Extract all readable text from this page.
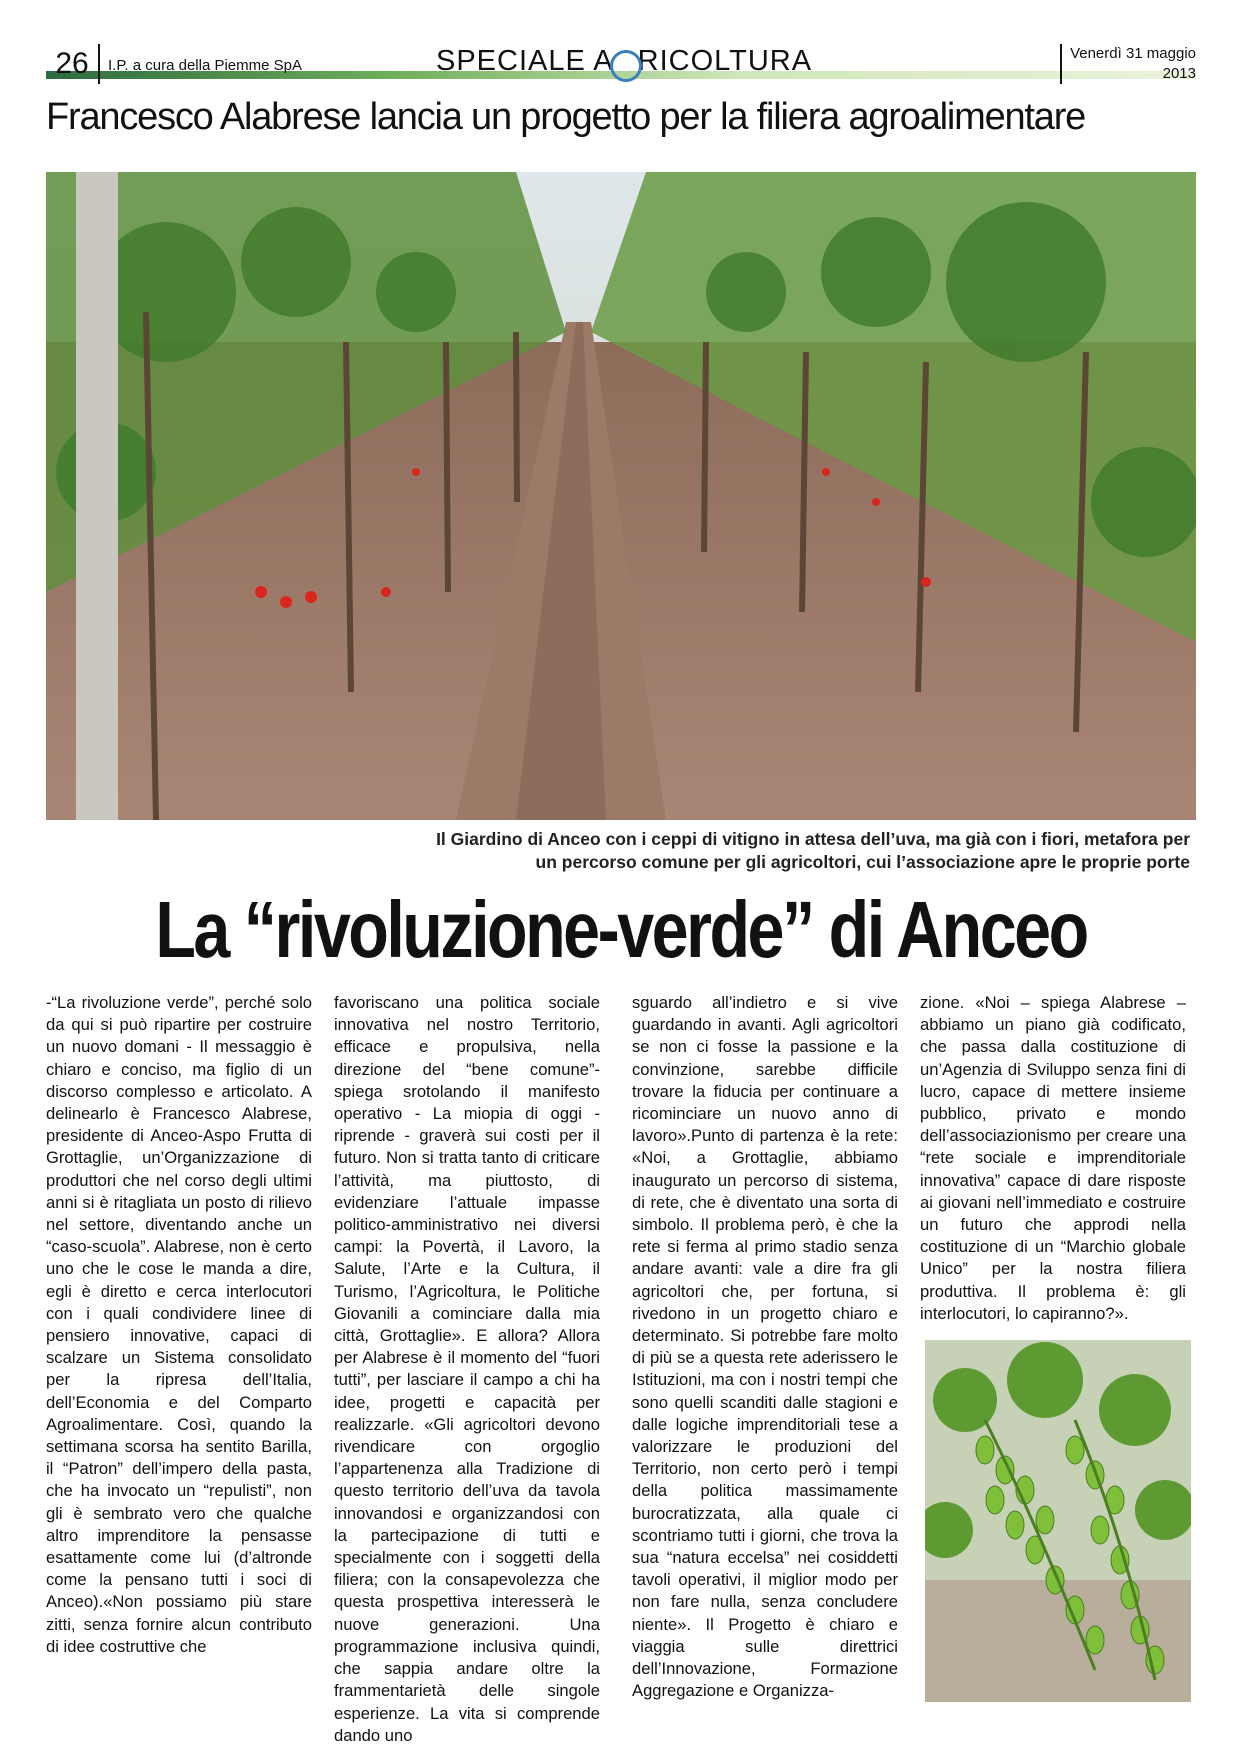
26	I.P. a cura della Piemme SpA	SPECIALE A RICOLTURA	Venerdì 31 maggio
2013
Francesco Alabrese lancia un progetto per la filiera agroalimentare
Il Giardino di Anceo con i ceppi di vitigno in attesa dell’uva, ma già con i fiori, metafora per
un percorso comune per gli agricoltori, cui l’associazione apre le proprie porte
La “rivoluzione-verde” di Anceo
-“La rivoluzione verde”, perché solo da qui si può ripartire per costruire un nuovo domani - Il messaggio è chiaro e conciso, ma figlio di un discorso complesso e articolato. A delinearlo è Francesco Alabrese, presidente di Anceo-Aspo Frutta di Grottaglie, un’Organizzazione di produttori che nel corso degli ultimi anni si è ritagliata un posto di rilievo nel settore, diventando anche un “caso-scuola”. Alabrese, non è certo uno che le cose le manda a dire, egli è diretto e cerca interlocutori con i quali condividere linee di pensiero innovative, capaci di scalzare un Sistema consolidato per la ripresa dell’Italia, dell’Economia e del Comparto Agroalimentare. Così, quando la settimana scorsa ha sentito Barilla, il “Patron” dell’impero della pasta, che ha invocato un “repulisti”, non gli è sembrato vero che qualche altro imprenditore la pensasse esattamente come lui (d’altronde come la pensano tutti i soci di Anceo).«Non possiamo più stare zitti, senza fornire alcun contributo di idee costruttive che
favoriscano una politica sociale innovativa nel nostro Territorio, efficace e propulsiva, nella direzione del “bene comune”- spiega srotolando il manifesto operativo - La miopia di oggi - riprende - graverà sui costi per il futuro. Non si tratta tanto di criticare l’attività, ma piuttosto, di evidenziare l’attuale impasse politico-amministrativo nei diversi campi: la Povertà, il Lavoro, la Salute, l’Arte e la Cultura, il Turismo, l’Agricoltura, le Politiche Giovanili a cominciare dalla mia città, Grottaglie». E allora? Allora per Alabrese è il momento del “fuori tutti”, per lasciare il campo a chi ha idee, progetti e capacità per realizzarle. «Gli agricoltori devono rivendicare con orgoglio l’appartenenza alla Tradizione di questo territorio dell’uva da tavola innovandosi e organizzandosi con la partecipazione di tutti e specialmente con i soggetti della filiera; con la consapevolezza che questa prospettiva interesserà le nuove generazioni. Una programmazione inclusiva quindi, che sappia andare oltre la frammentarietà delle singole esperienze. La vita si comprende dando uno
sguardo all’indietro e si vive guardando in avanti. Agli agricoltori se non ci fosse la passione e la convinzione, sarebbe difficile trovare la fiducia per continuare a ricominciare un nuovo anno di lavoro».Punto di partenza è la rete: «Noi, a Grottaglie, abbiamo inaugurato un percorso di sistema, di rete, che è diventato una sorta di simbolo. Il problema però, è che la rete si ferma al primo stadio senza andare avanti: vale a dire fra gli agricoltori che, per fortuna, si rivedono in un progetto chiaro e determinato. Si potrebbe fare molto di più se a questa rete aderissero le Istituzioni, ma con i nostri tempi che sono quelli scanditi dalle stagioni e dalle logiche imprenditoriali tese a valorizzare le produzioni del Territorio, non certo però i tempi della politica massimamente burocratizzata, alla quale ci scontriamo tutti i giorni, che trova la sua “natura eccelsa” nei cosiddetti tavoli operativi, il miglior modo per non fare nulla, senza concludere niente». Il Progetto è chiaro e viaggia sulle direttrici dell’Innovazione, Formazione Aggregazione e Organizza-
zione. «Noi – spiega Alabrese – abbiamo un piano già codificato, che passa dalla costituzione di un’Agenzia di Sviluppo senza fini di lucro, capace di mettere insieme pubblico, privato e mondo dell’associazionismo per creare una “rete sociale e imprenditoriale innovativa” capace di dare risposte ai giovani nell’immediato e costruire un futuro che approdi nella costituzione di un “Marchio globale Unico” per la nostra filiera produttiva. Il problema è: gli interlocutori, lo capiranno?».
